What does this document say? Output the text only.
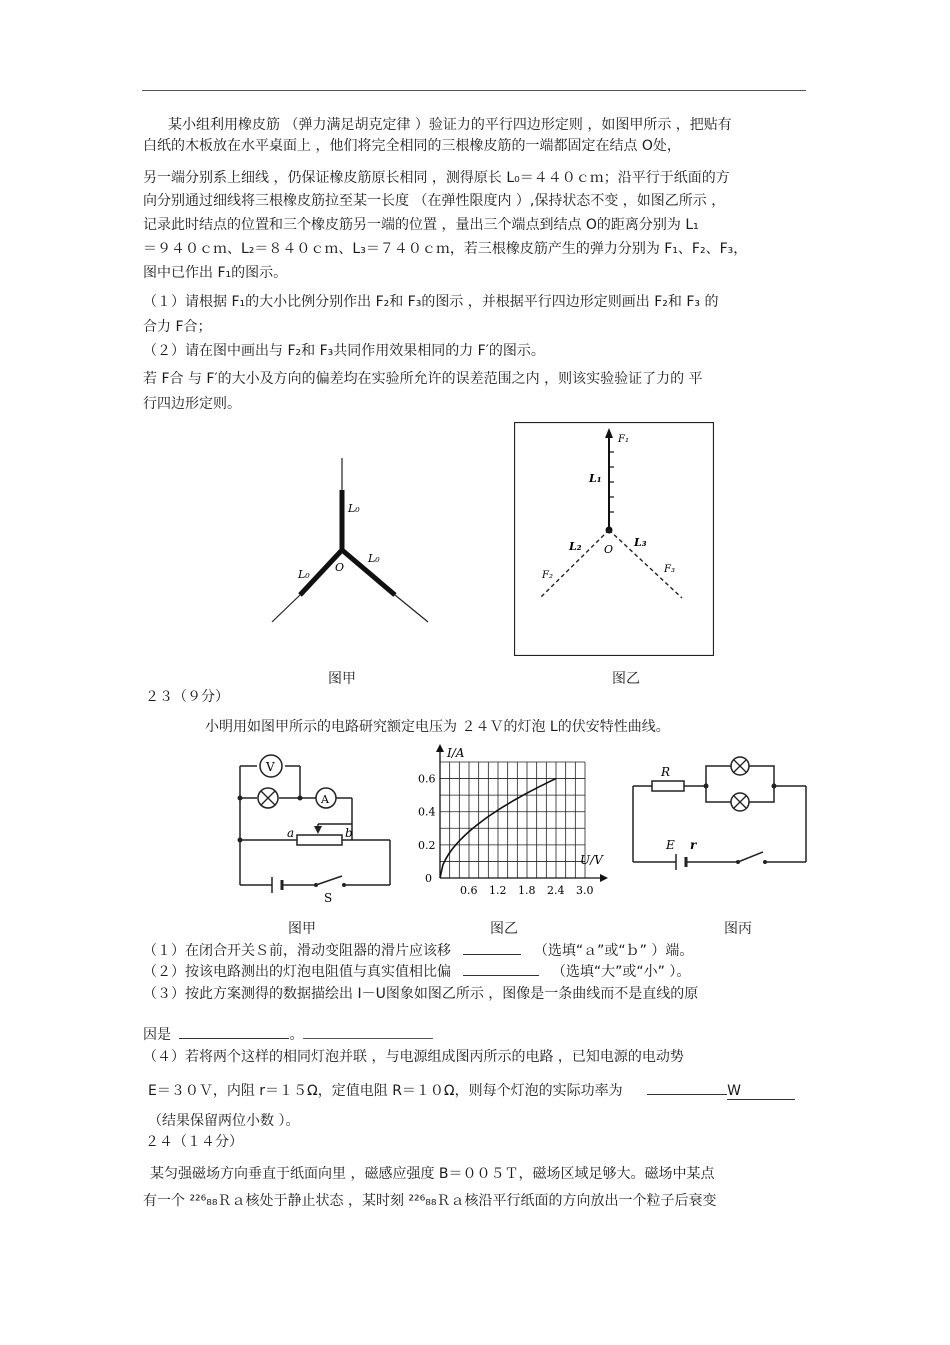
某小组利用橡皮筋 （弹力满足胡克定律 ）验证力的平行四边形定则 ，如图甲所示 ，把贴有

白纸的木板放在水平桌面上 ，他们将完全相同的三根橡皮筋的一端都固定在结点 O处，

另一端分别系上细线 ，仍保证橡皮筋原长相同 ，测得原长 L₀＝４４０ｃｍ；沿平行于纸面的方

向分别通过细线将三根橡皮筋拉至某一长度 （在弹性限度内 ）,保持状态不变 ，如图乙所示 ，

记录此时结点的位置和三个橡皮筋另一端的位置 ，量出三个端点到结点 O的距离分别为 L₁

＝９４０ｃｍ、L₂＝８４０ｃｍ、L₃＝７４０ｃｍ，若三根橡皮筋产生的弹力分别为 F₁、F₂、F₃，

图中已作出 F₁的图示。

（１）请根据 F₁的大小比例分别作出 F₂和 F₃的图示 ，并根据平行四边形定则画出 F₂和 F₃ 的

合力 F合；

（２）请在图中画出与 F₂和 F₃共同作用效果相同的力 F′的图示。

若 F合 与 F′的大小及方向的偏差均在实验所允许的误差范围之内 ，则该实验验证了力的 平

行四边形定则。

L₀
L₀
L₀
O
图甲
F₁
L₁
O
L₂	L₃
F₂
F₃
图乙

２３（９分）

小明用如图甲所示的电路研究额定电压为 ２４Ｖ的灯泡 L的伏安特性曲线。

V
A
a	b
S
图甲
I/A
U/V
0
0.2
0.4
0.6
0.6 1.2 1.8 2.4 3.0
图乙
R
E r
图丙

（１）在闭合开关Ｓ前，滑动变阻器的滑片应该移	（选填“ａ”或“ｂ” ）端。

（２）按该电路测出的灯泡电阻值与真实值相比偏	（选填“大”或“小” ）。

（３）按此方案测得的数据描绘出 I－U图象如图乙所示 ，图像是一条曲线而不是直线的原

因是	。

（４）若将两个这样的相同灯泡并联 ，与电源组成图丙所示的电路 ，已知电源的电动势

E＝３０Ｖ，内阻 r＝１５Ω，定值电阻 R＝１０Ω，则每个灯泡的实际功率为	W

（结果保留两位小数 ）。

２４（１４分）

某匀强磁场方向垂直于纸面向里 ，磁感应强度 B＝００５Ｔ，磁场区域足够大。磁场中某点

有一个 ²²⁶₈₈Ｒａ核处于静止状态 ，某时刻 ²²⁶₈₈Ｒａ核沿平行纸面的方向放出一个粒子后衰变
